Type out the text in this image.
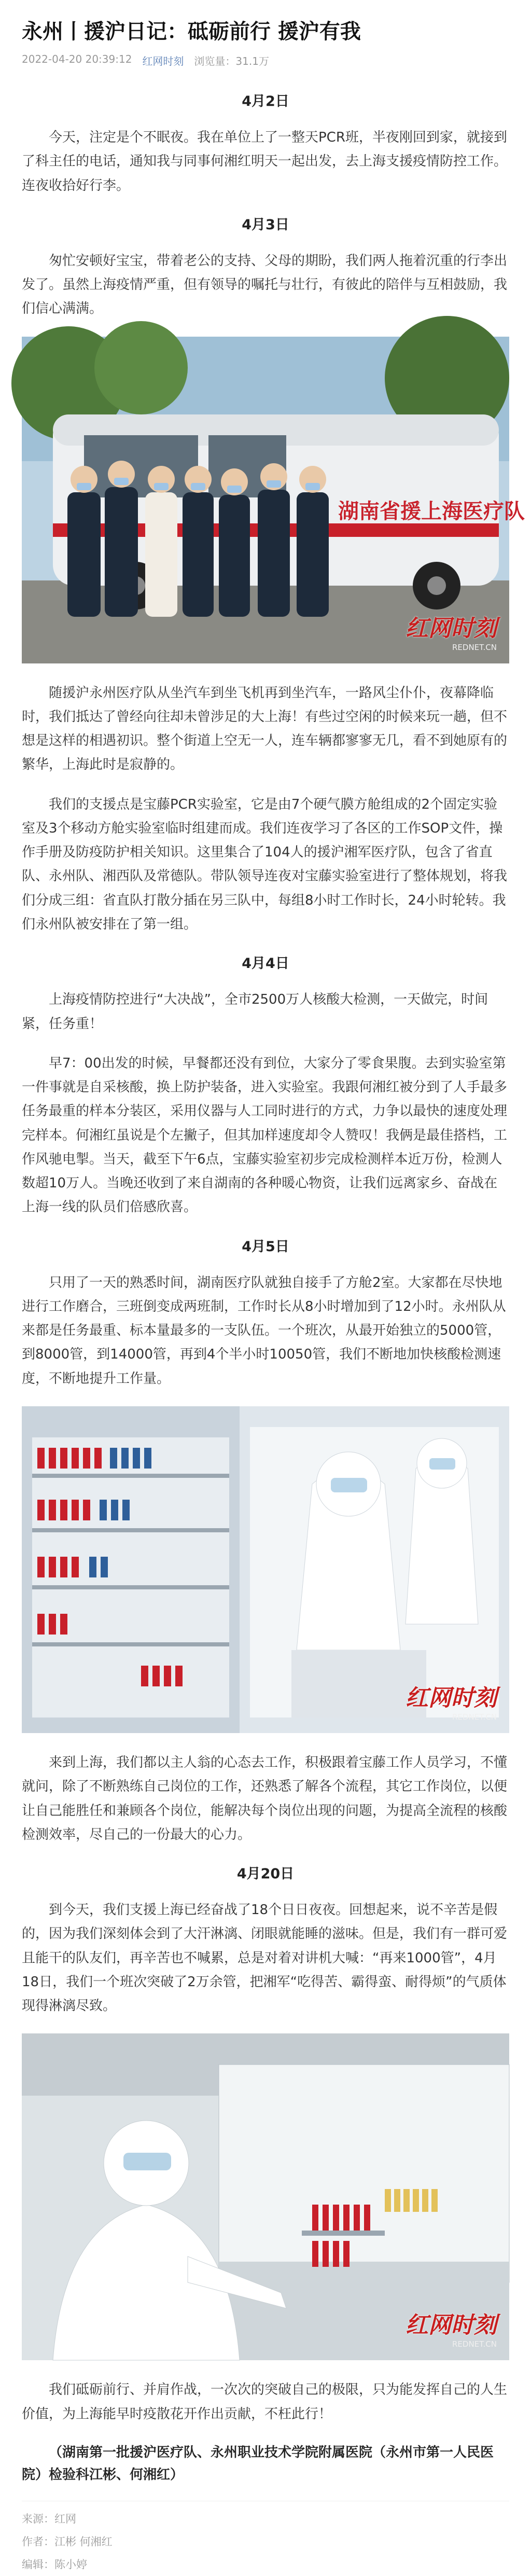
永州丨援沪日记：砥砺前行 援沪有我
2022-04-20 20:39:12 红网时刻 浏览量：31.1万
4月2日

今天，注定是个不眠夜。我在单位上了一整天PCR班，半夜刚回到家，就接到了科主任的电话，通知我与同事何湘红明天一起出发，去上海支援疫情防控工作。连夜收拾好行李。

4月3日

匆忙安顿好宝宝，带着老公的支持、父母的期盼，我们两人拖着沉重的行李出发了。虽然上海疫情严重，但有领导的嘱托与壮行，有彼此的陪伴与互相鼓励，我们信心满满。

湖南省援上海医疗队
红网时刻
REDNET.CN

随援沪永州医疗队从坐汽车到坐飞机再到坐汽车，一路风尘仆仆，夜幕降临时，我们抵达了曾经向往却未曾涉足的大上海！有些过空闲的时候来玩一趟，但不想是这样的相遇初识。整个街道上空无一人，连车辆都寥寥无几，看不到她原有的繁华，上海此时是寂静的。

我们的支援点是宝藤PCR实验室，它是由7个硬气膜方舱组成的2个固定实验室及3个移动方舱实验室临时组建而成。我们连夜学习了各区的工作SOP文件，操作手册及防疫防护相关知识。这里集合了104人的援沪湘军医疗队，包含了省直队、永州队、湘西队及常德队。带队领导连夜对宝藤实验室进行了整体规划，将我们分成三组：省直队打散分插在另三队中，每组8小时工作时长，24小时轮转。我们永州队被安排在了第一组。

4月4日

上海疫情防控进行“大决战”，全市2500万人核酸大检测，一天做完，时间紧，任务重！

早7：00出发的时候，早餐都还没有到位，大家分了零食果腹。去到实验室第一件事就是自采核酸，换上防护装备，进入实验室。我跟何湘红被分到了人手最多任务最重的样本分装区，采用仪器与人工同时进行的方式，力争以最快的速度处理完样本。何湘红虽说是个左撇子，但其加样速度却令人赞叹！我俩是最佳搭档，工作风驰电掣。当天，截至下午6点，宝藤实验室初步完成检测样本近万份，检测人数超10万人。当晚还收到了来自湖南的各种暖心物资，让我们远离家乡、奋战在上海一线的队员们倍感欣喜。

4月5日

只用了一天的熟悉时间，湖南医疗队就独自接手了方舱2室。大家都在尽快地进行工作磨合，三班倒变成两班制，工作时长从8小时增加到了12小时。永州队从来都是任务最重、标本量最多的一支队伍。一个班次，从最开始独立的5000管，到8000管，到14000管，再到4个半小时10050管，我们不断地加快核酸检测速度，不断地提升工作量。

红网时刻
REDNET.CN

来到上海，我们都以主人翁的心态去工作，积极跟着宝藤工作人员学习，不懂就问，除了不断熟练自己岗位的工作，还熟悉了解各个流程，其它工作岗位，以便让自己能胜任和兼顾各个岗位，能解决每个岗位出现的问题，为提高全流程的核酸检测效率，尽自己的一份最大的心力。

4月20日

到今天，我们支援上海已经奋战了18个日日夜夜。回想起来，说不辛苦是假的，因为我们深刻体会到了大汗淋漓、闭眼就能睡的滋味。但是，我们有一群可爱且能干的队友们，再辛苦也不喊累，总是对着对讲机大喊：“再来1000管”，4月18日，我们一个班次突破了2万余管，把湘军“吃得苦、霸得蛮、耐得烦”的气质体现得淋漓尽致。

红网时刻
REDNET.CN

我们砥砺前行、并肩作战，一次次的突破自己的极限，只为能发挥自己的人生价值，为上海能早时疫散花开作出贡献，不枉此行！

（湖南第一批援沪医疗队、永州职业技术学院附属医院（永州市第一人民医院）检验科江彬、何湘红）

来源：红网
作者：江彬 何湘红
编辑：陈小婷
